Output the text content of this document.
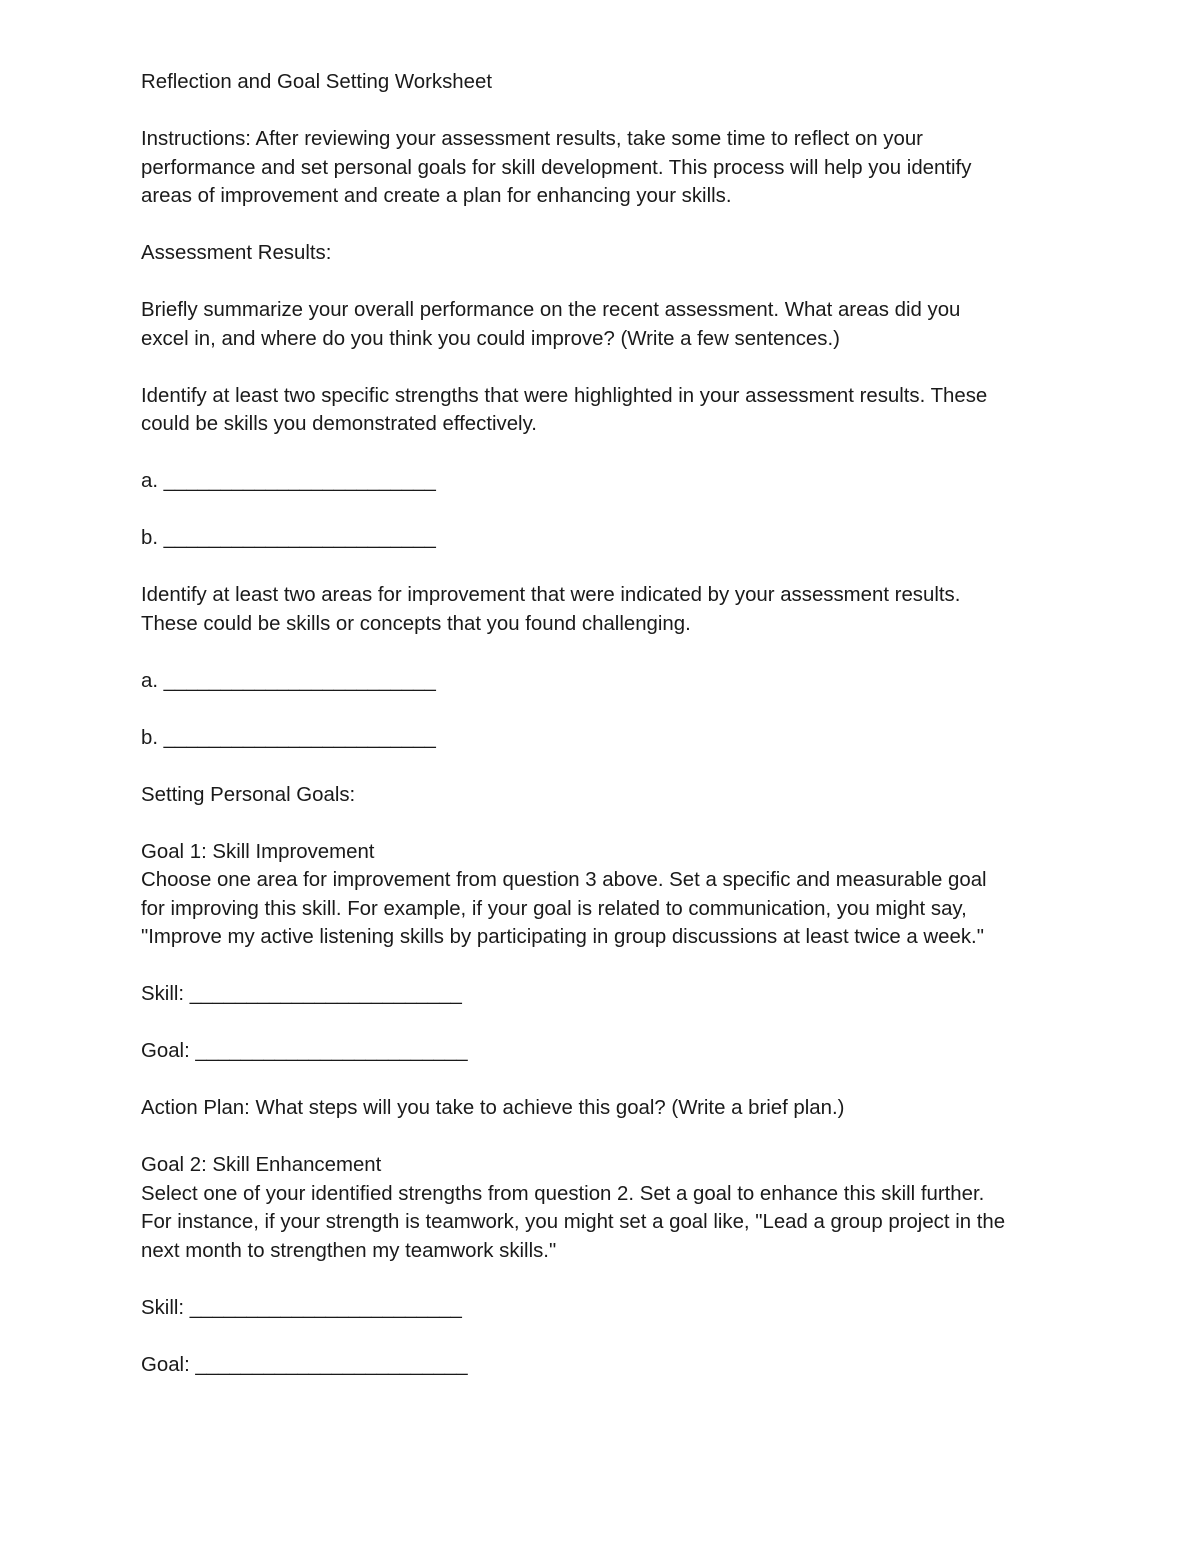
Reflection and Goal Setting Worksheet

Instructions: After reviewing your assessment results, take some time to reflect on your

performance and set personal goals for skill development. This process will help you identify

areas of improvement and create a plan for enhancing your skills.

Assessment Results:

Briefly summarize your overall performance on the recent assessment. What areas did you

excel in, and where do you think you could improve? (Write a few sentences.)

Identify at least two specific strengths that were highlighted in your assessment results. These

could be skills you demonstrated effectively.

a. ________________________

b. ________________________

Identify at least two areas for improvement that were indicated by your assessment results.

These could be skills or concepts that you found challenging.

a. ________________________

b. ________________________

Setting Personal Goals:

Goal 1: Skill Improvement

Choose one area for improvement from question 3 above. Set a specific and measurable goal

for improving this skill. For example, if your goal is related to communication, you might say,

"Improve my active listening skills by participating in group discussions at least twice a week."

Skill: ________________________

Goal: ________________________

Action Plan: What steps will you take to achieve this goal? (Write a brief plan.)

Goal 2: Skill Enhancement

Select one of your identified strengths from question 2. Set a goal to enhance this skill further.

For instance, if your strength is teamwork, you might set a goal like, "Lead a group project in the

next month to strengthen my teamwork skills."

Skill: ________________________

Goal: ________________________
